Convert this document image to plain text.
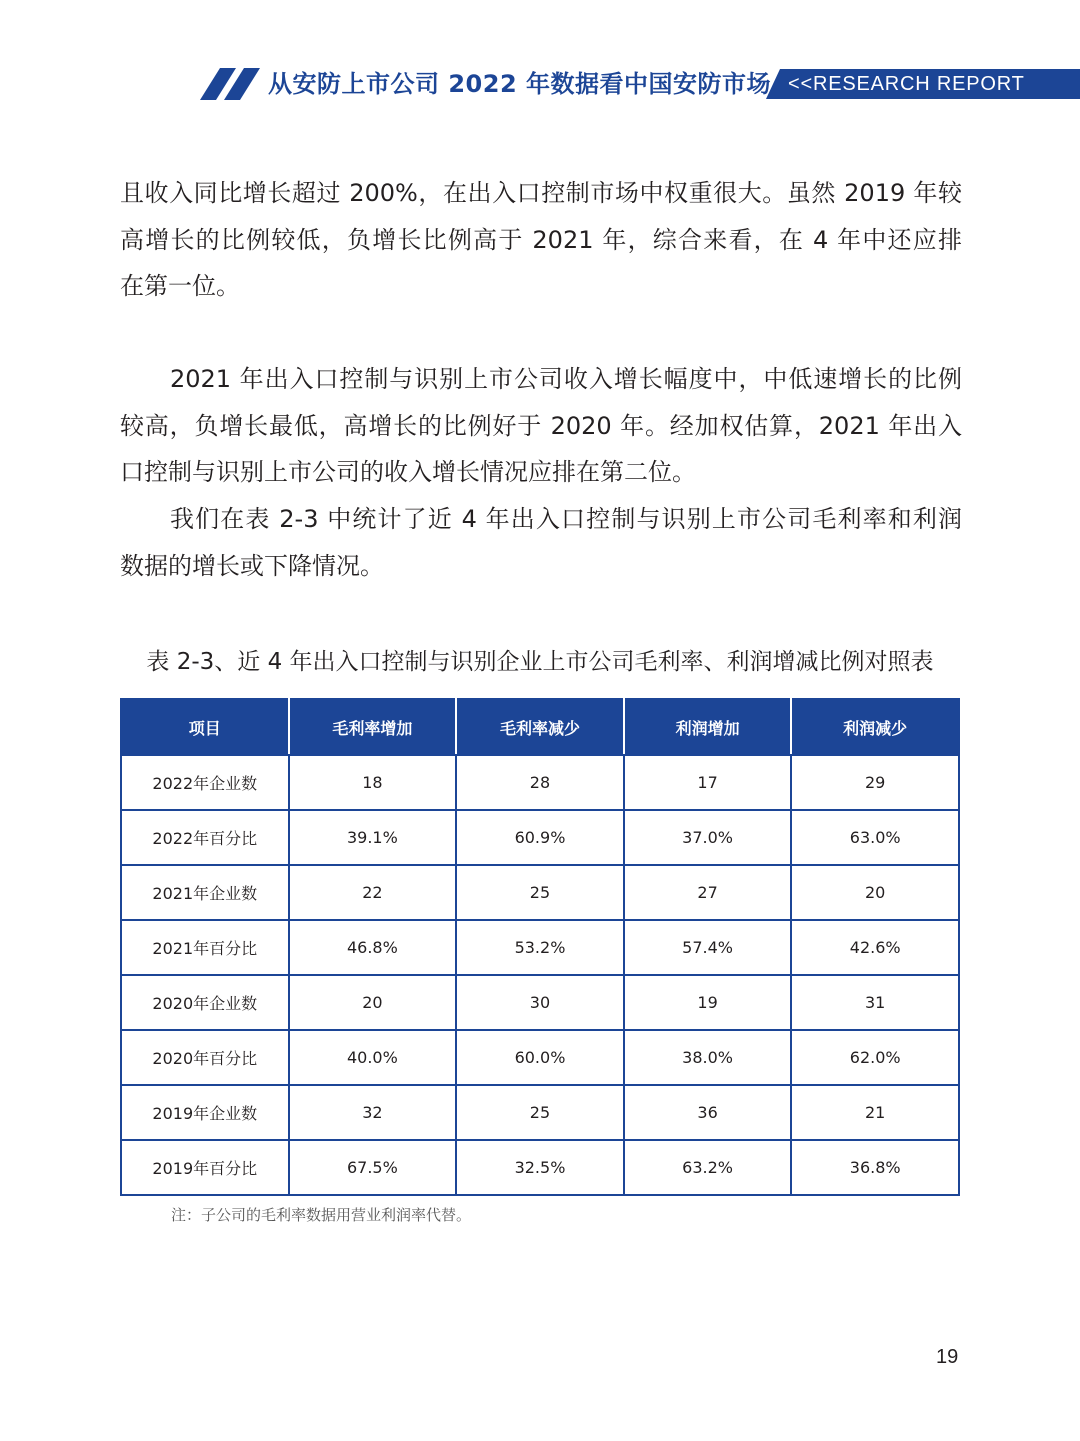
从安防上市公司 2022 年数据看中国安防市场 <<RESEARCH REPORT
且收入同比增长超过 200%，在出入口控制市场中权重很大。虽然 2019 年较
高增长的比例较低，负增长比例高于 2021 年，综合来看，在 4 年中还应排
在第一位。
2021 年出入口控制与识别上市公司收入增长幅度中，中低速增长的比例
较高，负增长最低，高增长的比例好于 2020 年。经加权估算，2021 年出入
口控制与识别上市公司的收入增长情况应排在第二位。
我们在表 2-3 中统计了近 4 年出入口控制与识别上市公司毛利率和利润
数据的增长或下降情况。
表 2-3、近 4 年出入口控制与识别企业上市公司毛利率、利润增减比例对照表
项目	毛利率增加	毛利率减少	利润增加	利润减少
2022年企业数	18	28	17	29
2022年百分比	39.1%	60.9%	37.0%	63.0%
2021年企业数	22	25	27	20
2021年百分比	46.8%	53.2%	57.4%	42.6%
2020年企业数	20	30	19	31
2020年百分比	40.0%	60.0%	38.0%	62.0%
2019年企业数	32	25	36	21
2019年百分比	67.5%	32.5%	63.2%	36.8%
注：子公司的毛利率数据用营业利润率代替。
19
